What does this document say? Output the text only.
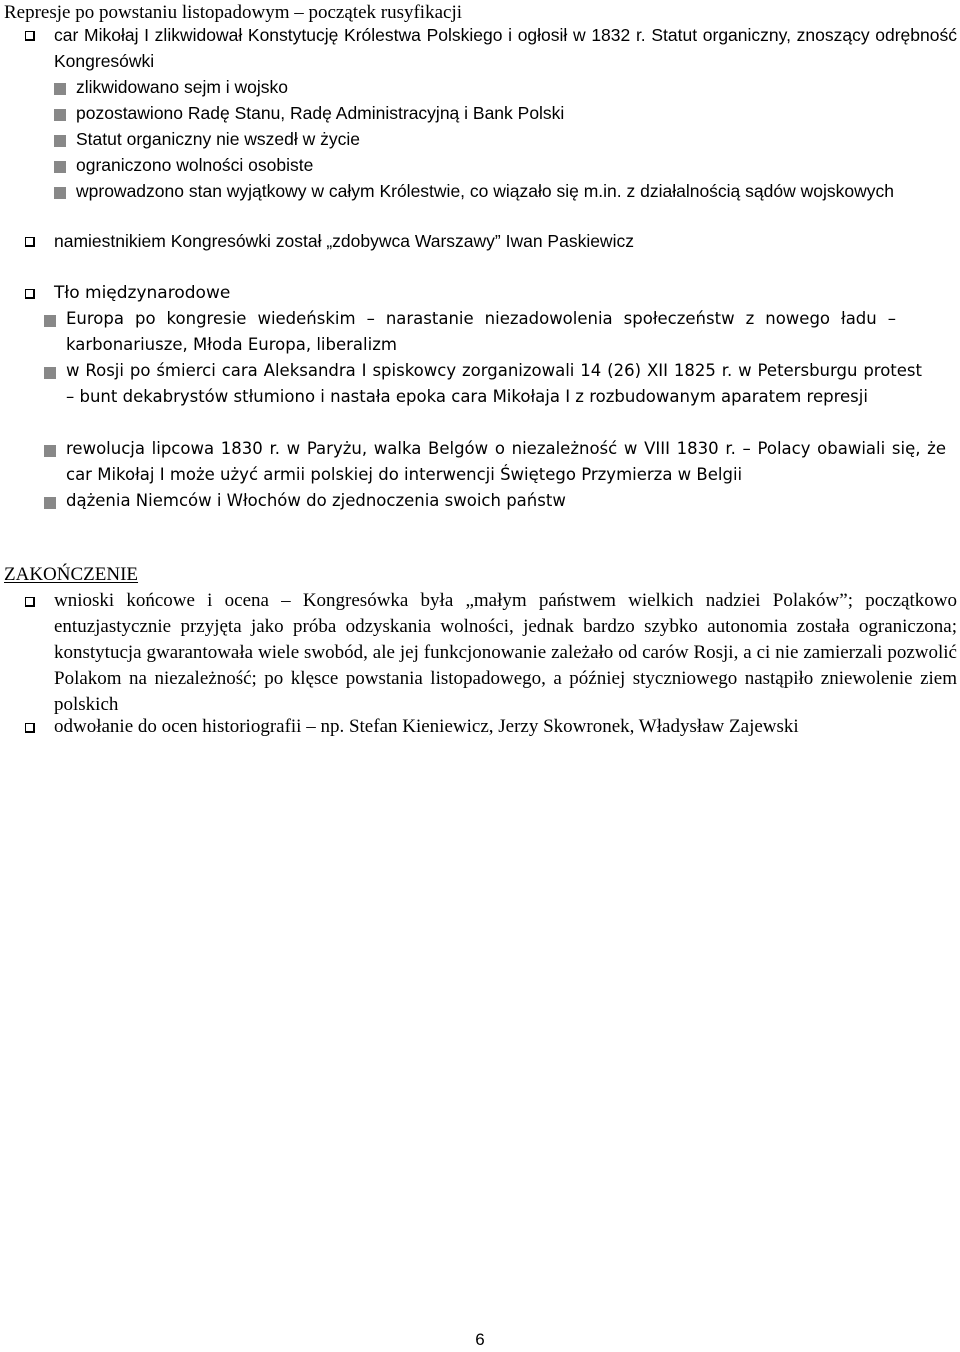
Represje po powstaniu listopadowym – początek rusyfikacji
car Mikołaj I zlikwidował Konstytucję Królestwa Polskiego i ogłosił w 1832 r. Statut organiczny, znoszący odrębność Kongresówki
zlikwidowano sejm i wojsko
pozostawiono Radę Stanu, Radę Administracyjną i Bank Polski
Statut organiczny nie wszedł w życie
ograniczono wolności osobiste
wprowadzono stan wyjątkowy w całym Królestwie, co wiązało się m.in. z działalnością sądów wojskowych
namiestnikiem Kongresówki został „zdobywca Warszawy” Iwan Paskiewicz
Tło międzynarodowe
Europa po kongresie wiedeńskim – narastanie niezadowolenia społeczeństw z nowego ładu – karbonariusze, Młoda Europa, liberalizm
w Rosji po śmierci cara Aleksandra I spiskowcy zorganizowali 14 (26) XII 1825 r. w Petersburgu protest – bunt dekabrystów stłumiono i nastała epoka cara Mikołaja I z rozbudowanym aparatem represji
rewolucja lipcowa 1830 r. w Paryżu, walka Belgów o niezależność w VIII 1830 r. – Polacy obawiali się, że car Mikołaj I może użyć armii polskiej do interwencji Świętego Przymierza w Belgii
dążenia Niemców i Włochów do zjednoczenia swoich państw
ZAKOŃCZENIE
wnioski końcowe i ocena – Kongresówka była „małym państwem wielkich nadziei Polaków”; początkowo entuzjastycznie przyjęta jako próba odzyskania wolności, jednak bardzo szybko autonomia została ograniczona; konstytucja gwarantowała wiele swobód, ale jej funkcjonowanie zależało od carów Rosji, a ci nie zamierzali pozwolić Polakom na niezależność; po klęsce powstania listopadowego, a później styczniowego nastąpiło zniewolenie ziem polskich
odwołanie do ocen historiografii – np. Stefan Kieniewicz, Jerzy Skowronek, Władysław Zajewski
6
